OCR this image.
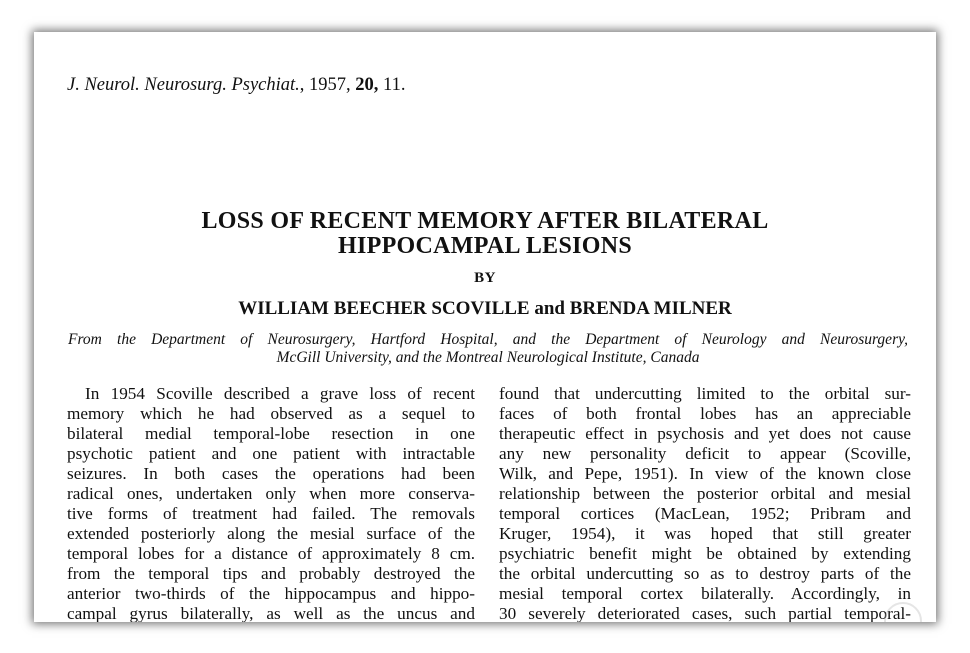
J. Neurol. Neurosurg. Psychiat., 1957, 20, 11.
LOSS OF RECENT MEMORY AFTER BILATERAL
HIPPOCAMPAL LESIONS
BY
WILLIAM BEECHER SCOVILLE and BRENDA MILNER
From the Department of Neurosurgery, Hartford Hospital, and the Department of Neurology and Neurosurgery,
McGill University, and the Montreal Neurological Institute, Canada
In 1954 Scoville described a grave loss of recent
memory which he had observed as a sequel to
bilateral medial temporal-lobe resection in one
psychotic patient and one patient with intractable
seizures. In both cases the operations had been
radical ones, undertaken only when more conserva-
tive forms of treatment had failed. The removals
extended posteriorly along the mesial surface of the
temporal lobes for a distance of approximately 8 cm.
from the temporal tips and probably destroyed the
anterior two-thirds of the hippocampus and hippo-
campal gyrus bilaterally, as well as the uncus and
found that undercutting limited to the orbital sur-
faces of both frontal lobes has an appreciable
therapeutic effect in psychosis and yet does not cause
any new personality deficit to appear (Scoville,
Wilk, and Pepe, 1951). In view of the known close
relationship between the posterior orbital and mesial
temporal cortices (MacLean, 1952; Pribram and
Kruger, 1954), it was hoped that still greater
psychiatric benefit might be obtained by extending
the orbital undercutting so as to destroy parts of the
mesial temporal cortex bilaterally. Accordingly, in
30 severely deteriorated cases, such partial temporal-
